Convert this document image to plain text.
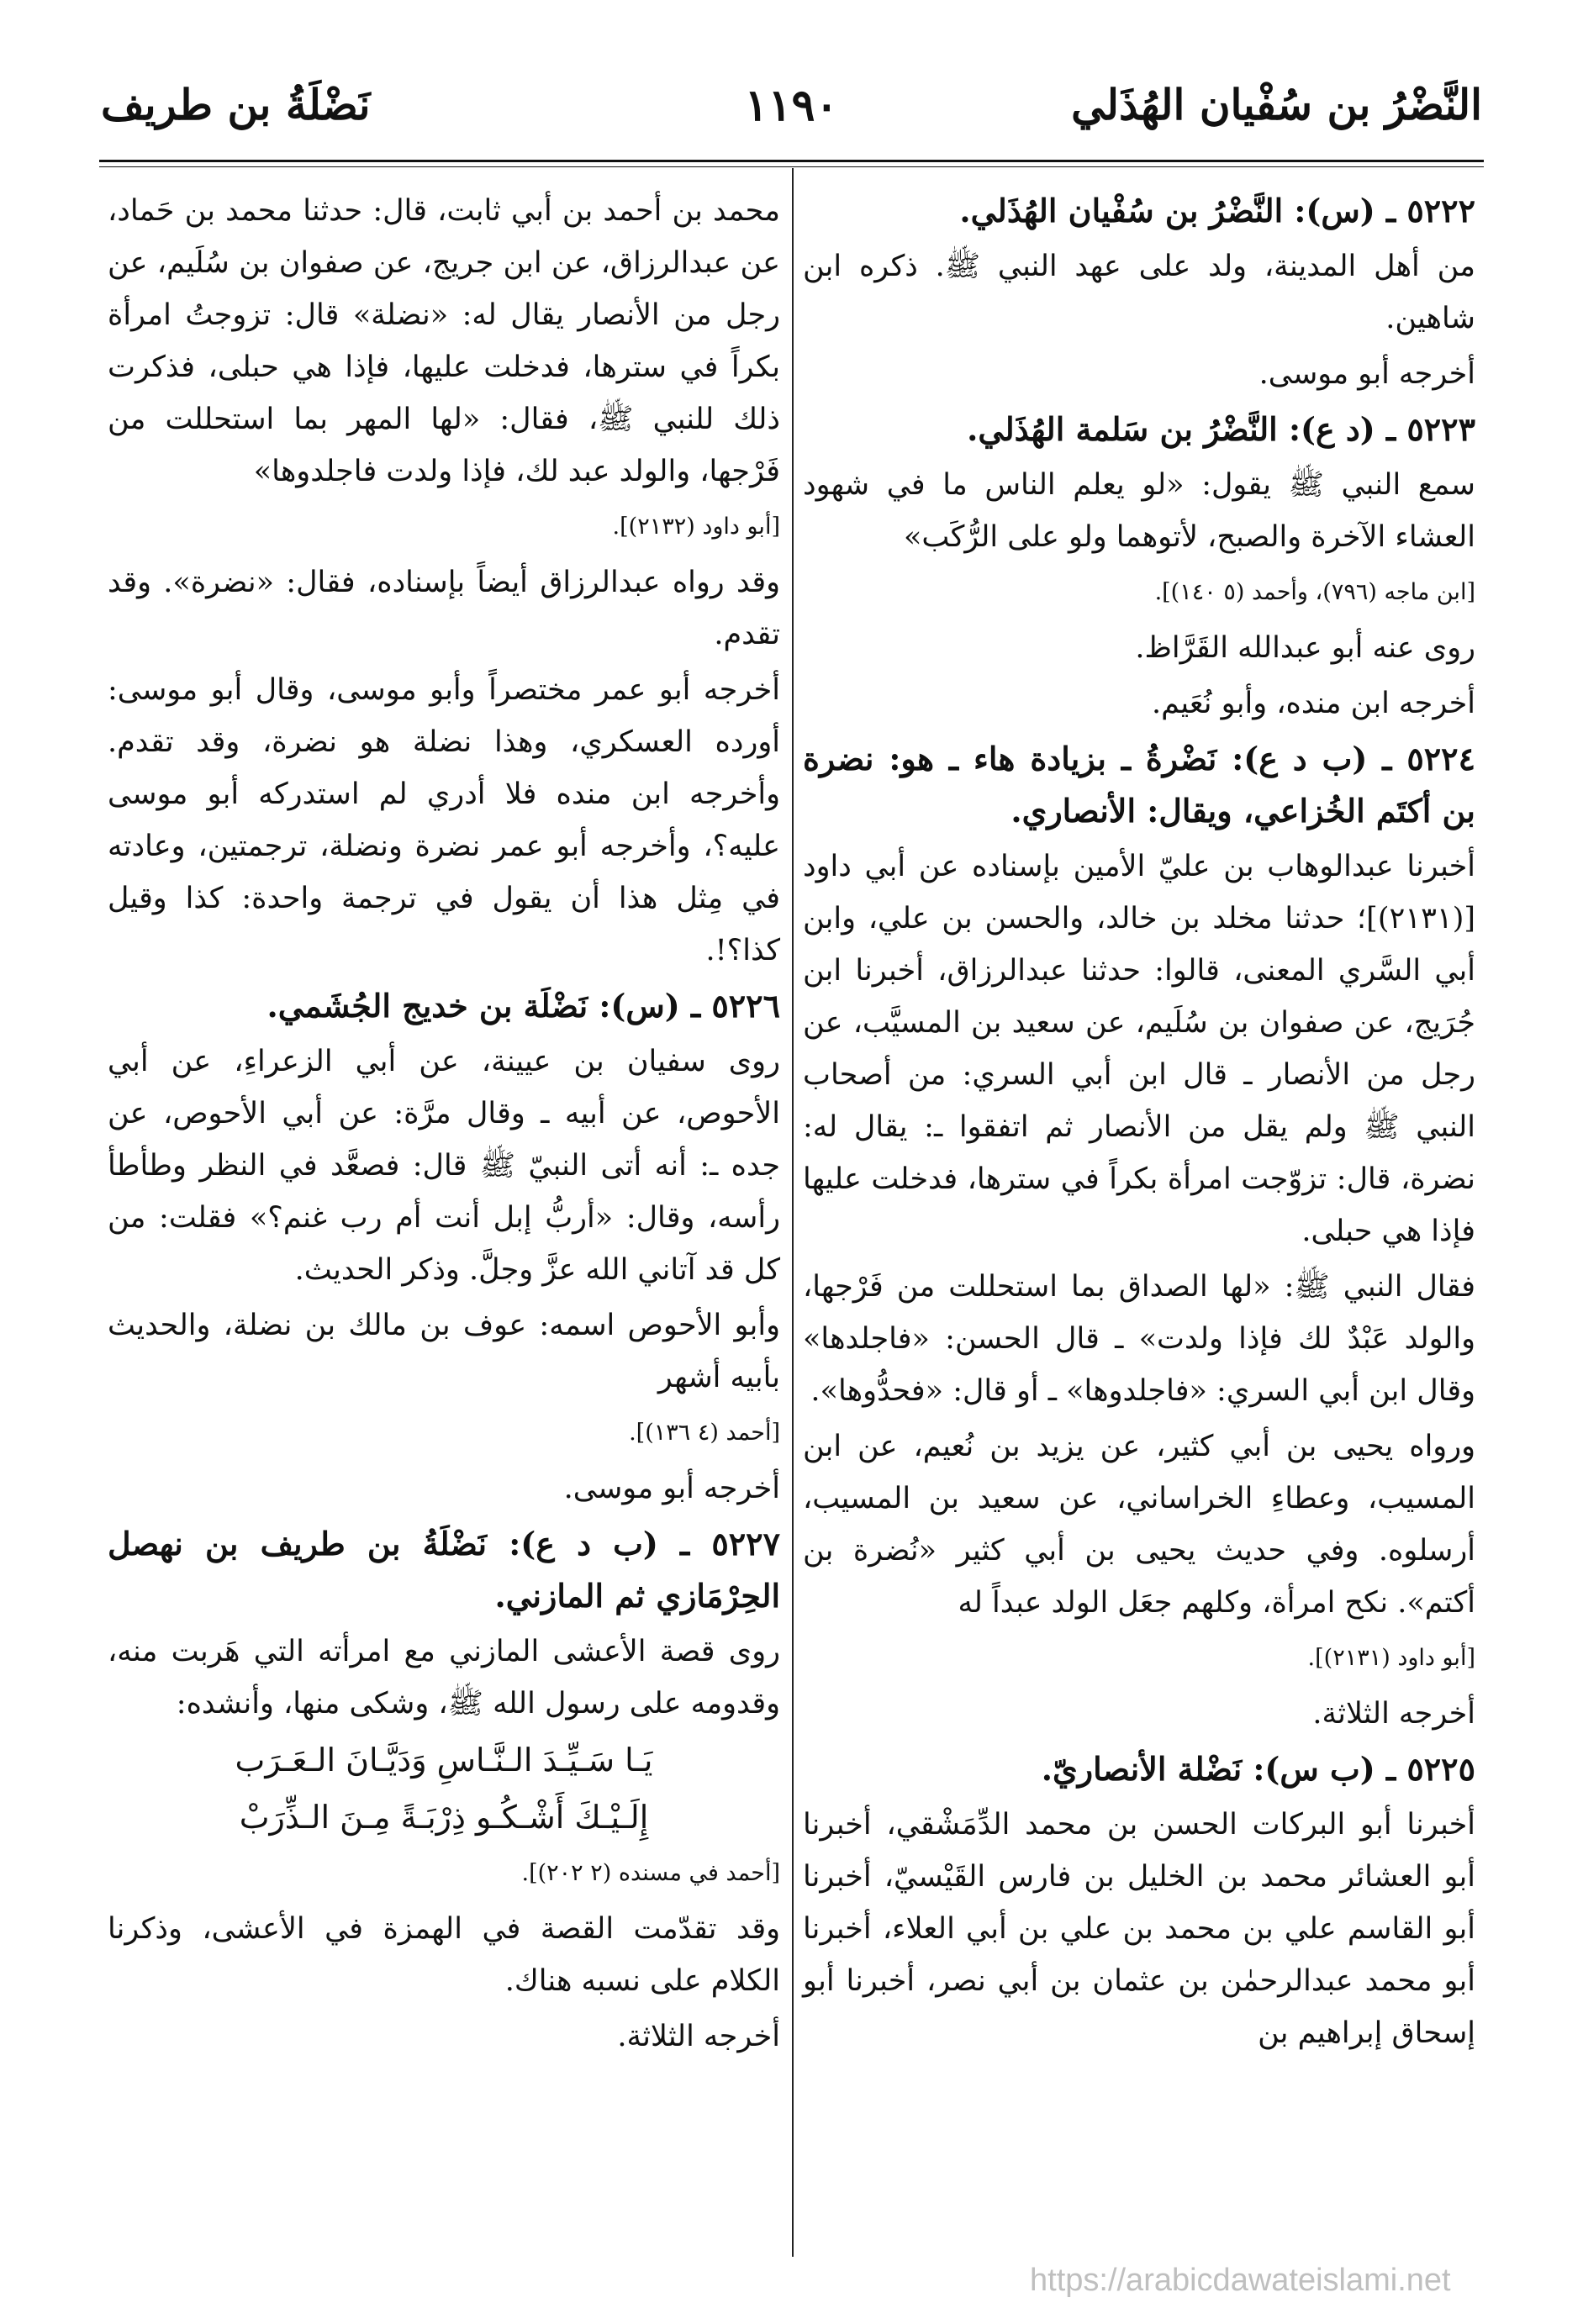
نَضْلَةُ بن طريف	١١٩٠	النَّضْرُ بن سُفْيان الهُذَلي

٥٢٢٢ ـ (س): النَّضْرُ بن سُفْيان الهُذَلي.

من أهل المدينة، ولد على عهد النبي ﷺ. ذكره ابن شاهين.

أخرجه أبو موسى.

٥٢٢٣ ـ (د ع): النَّضْرُ بن سَلمة الهُذَلي.

سمع النبي ﷺ يقول: «لو يعلم الناس ما في شهود العشاء الآخرة والصبح، لأتوهما ولو على الرُّكَب»

[ابن ماجه (٧٩٦)، وأحمد (٥ ١٤٠)].

روى عنه أبو عبدالله القَرَّاظ.

أخرجه ابن منده، وأبو نُعَيم.

٥٢٢٤ ـ (ب د ع): نَضْرةُ ـ بزيادة هاء ـ هو: نضرة بن أكتَم الخُزاعي، ويقال: الأنصاري.

أخبرنا عبدالوهاب بن عليّ الأمين بإسناده عن أبي داود [(٢١٣١)]؛ حدثنا مخلد بن خالد، والحسن بن علي، وابن أبي السَّري المعنى، قالوا: حدثنا عبدالرزاق، أخبرنا ابن جُرَيج، عن صفوان بن سُلَيم، عن سعيد بن المسيَّب، عن رجل من الأنصار ـ قال ابن أبي السري: من أصحاب النبي ﷺ ولم يقل من الأنصار ثم اتفقوا ـ: يقال له: نضرة، قال: تزوّجت امرأة بكراً في سترها، فدخلت عليها فإذا هي حبلى.

فقال النبي ﷺ: «لها الصداق بما استحللت من فَرْجها، والولد عَبْدٌ لك فإذا ولدت» ـ قال الحسن: «فاجلدها» وقال ابن أبي السري: «فاجلدوها» ـ أو قال: «فحدُّوها».

ورواه يحيى بن أبي كثير، عن يزيد بن نُعيم، عن ابن المسيب، وعطاءِ الخراساني، عن سعيد بن المسيب، أرسلوه. وفي حديث يحيى بن أبي كثير «نُضرة بن أكتم». نكح امرأة، وكلهم جعَل الولد عبداً له

[أبو داود (٢١٣١)].

أخرجه الثلاثة.

٥٢٢٥ ـ (ب س): نَضْلة الأنصاريّ.

أخبرنا أبو البركات الحسن بن محمد الدِّمَشْقي، أخبرنا أبو العشائر محمد بن الخليل بن فارس القَيْسيّ، أخبرنا أبو القاسم علي بن محمد بن علي بن أبي العلاء، أخبرنا أبو محمد عبدالرحمٰن بن عثمان بن أبي نصر، أخبرنا أبو إسحاق إبراهيم بن

محمد بن أحمد بن أبي ثابت، قال: حدثنا محمد بن حَماد، عن عبدالرزاق، عن ابن جريج، عن صفوان بن سُلَيم، عن رجل من الأنصار يقال له: «نضلة» قال: تزوجتُ امرأة بكراً في سترها، فدخلت عليها، فإذا هي حبلى، فذكرت ذلك للنبي ﷺ، فقال: «لها المهر بما استحللت من فَرْجها، والولد عبد لك، فإذا ولدت فاجلدوها»

[أبو داود (٢١٣٢)].

وقد رواه عبدالرزاق أيضاً بإسناده، فقال: «نضرة». وقد تقدم.

أخرجه أبو عمر مختصراً وأبو موسى، وقال أبو موسى: أورده العسكري، وهذا نضلة هو نضرة، وقد تقدم. وأخرجه ابن منده فلا أدري لم استدركه أبو موسى عليه؟، وأخرجه أبو عمر نضرة ونضلة، ترجمتين، وعادته في مِثل هذا أن يقول في ترجمة واحدة: كذا وقيل كذا؟!.

٥٢٢٦ ـ (س): نَضْلَة بن خديج الجُشَمي.

روى سفيان بن عيينة، عن أبي الزعراءِ، عن أبي الأحوص، عن أبيه ـ وقال مرَّة: عن أبي الأحوص، عن جده ـ: أنه أتى النبيّ ﷺ قال: فصعَّد في النظر وطأطأ رأسه، وقال: «أربُّ إبل أنت أم رب غنم؟» فقلت: من كل قد آتاني الله عزَّ وجلَّ. وذكر الحديث.

وأبو الأحوص اسمه: عوف بن مالك بن نضلة، والحديث بأبيه أشهر

[أحمد (٤ ١٣٦)].

أخرجه أبو موسى.

٥٢٢٧ ـ (ب د ع): نَضْلَةُ بن طريف بن نهصل الحِرْمَازي ثم المازني.

روى قصة الأعشى المازني مع امرأته التي هَربت منه، وقدومه على رسول الله ﷺ، وشكى منها، وأنشده:

يَـا سَـيِّـدَ الـنَّـاسِ وَدَيَّـانَ الـعَـرَب

إِلَـيْـكَ أَشْـكُـو ذِرْبَـةً مِـنَ الـذِّرَبْ

[أحمد في مسنده (٢ ٢٠٢)].

وقد تقدّمت القصة في الهمزة في الأعشى، وذكرنا الكلام على نسبه هناك.

أخرجه الثلاثة.

https://arabicdawateislami.net
